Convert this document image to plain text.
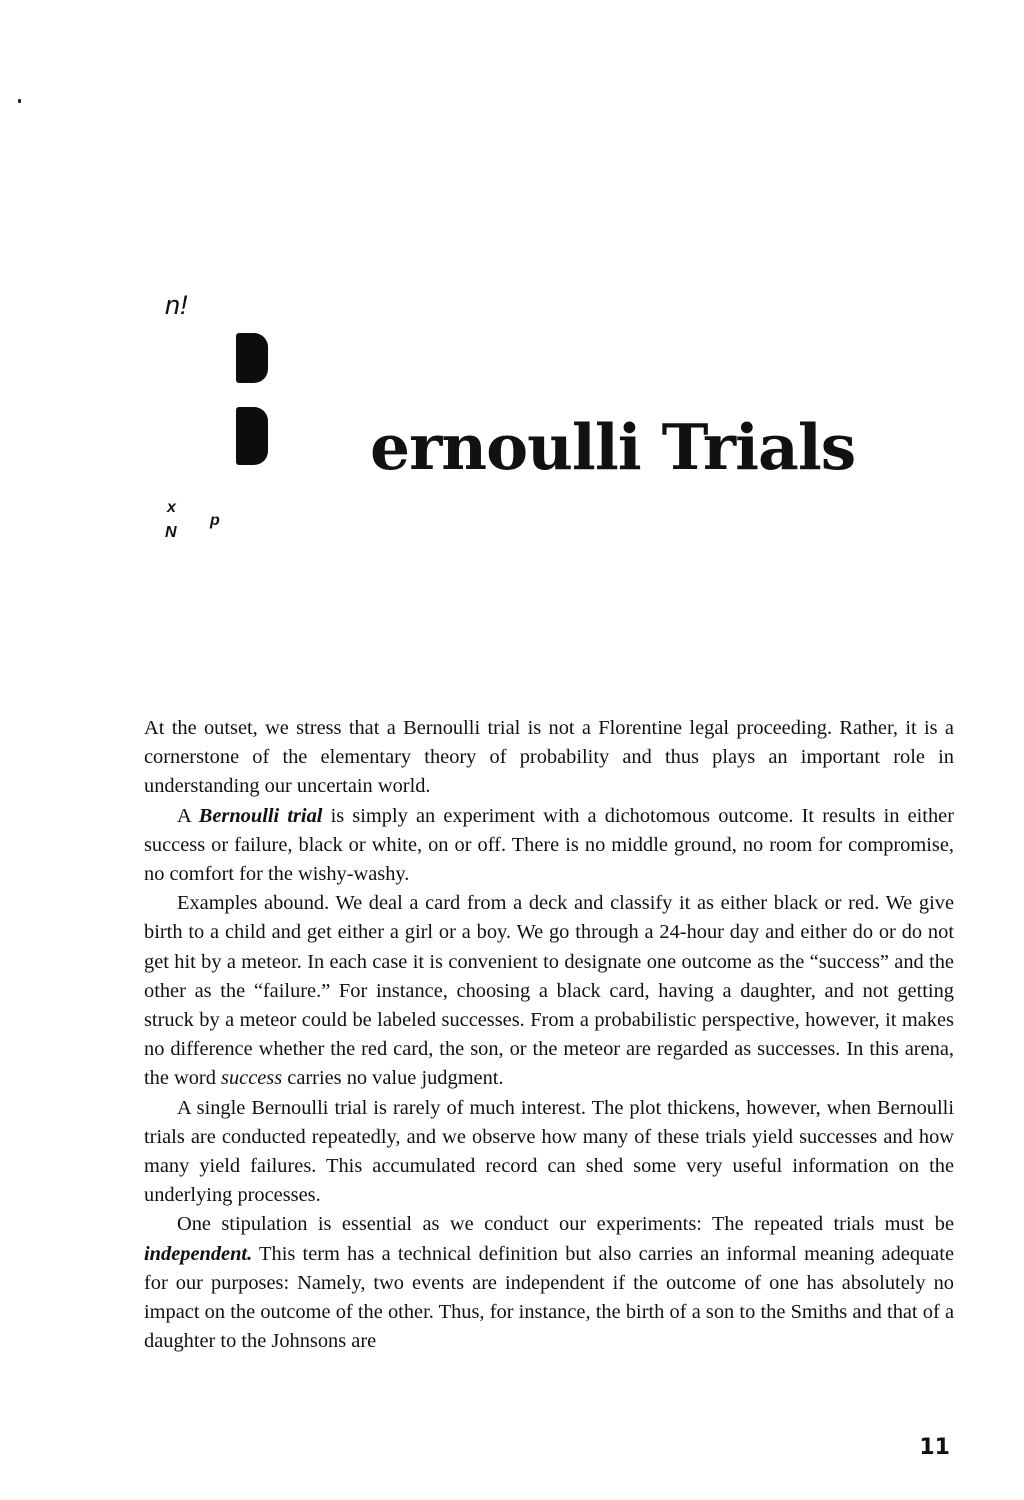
n!
x
N
p
ernoulli Trials

At the outset, we stress that a Bernoulli trial is not a Florentine legal proceeding. Rather, it is a cornerstone of the elementary theory of probability and thus plays an important role in understanding our uncertain world.

A Bernoulli trial is simply an experiment with a dichotomous outcome. It results in either success or failure, black or white, on or off. There is no middle ground, no room for compromise, no comfort for the wishy-washy.

Examples abound. We deal a card from a deck and classify it as either black or red. We give birth to a child and get either a girl or a boy. We go through a 24-hour day and either do or do not get hit by a meteor. In each case it is convenient to designate one outcome as the “success” and the other as the “failure.” For instance, choosing a black card, having a daughter, and not getting struck by a meteor could be labeled successes. From a probabilistic perspective, however, it makes no difference whether the red card, the son, or the meteor are regarded as successes. In this arena, the word success carries no value judgment.

A single Bernoulli trial is rarely of much interest. The plot thickens, however, when Bernoulli trials are conducted repeatedly, and we observe how many of these trials yield successes and how many yield failures. This accumulated record can shed some very useful information on the underlying processes.

One stipulation is essential as we conduct our experiments: The repeated trials must be independent. This term has a technical definition but also carries an informal meaning adequate for our purposes: Namely, two events are independent if the outcome of one has absolutely no impact on the outcome of the other. Thus, for instance, the birth of a son to the Smiths and that of a daughter to the Johnsons are

11
